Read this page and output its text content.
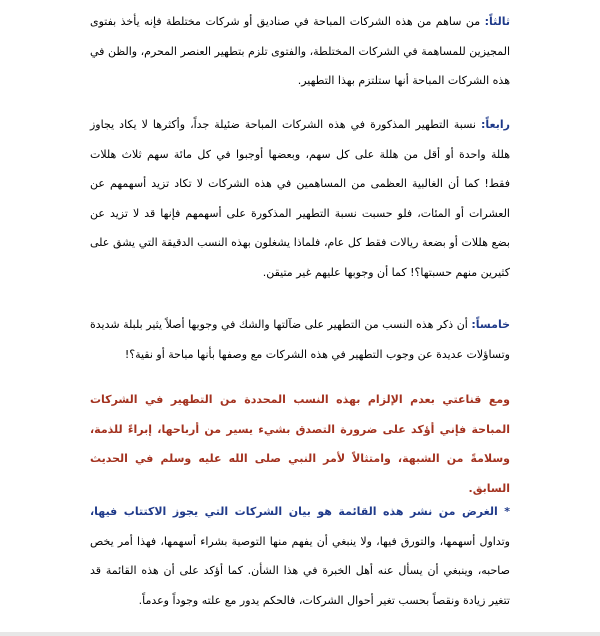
ثالثاً: من ساهم من هذه الشركات المباحة في صناديق أو شركات مختلطة فإنه يأخذ بفتوى المجيزين للمساهمة في الشركات المختلطة، والفتوى تلزم بتطهير العنصر المحرم، والظن في هذه الشركات المباحة أنها ستلتزم بهذا التطهير.

رابعاً: نسبة التطهير المذكورة في هذه الشركات المباحة ضئيلة جداً، وأكثرها لا يكاد يجاوز هللة واحدة أو أقل من هللة على كل سهم، وبعضها أوجبوا في كل مائة سهم ثلاث هللات فقط! كما أن الغالبية العظمى من المساهمين في هذه الشركات لا تكاد تزيد أسهمهم عن العشرات أو المئات، فلو حسبت نسبة التطهير المذكورة على أسهمهم فإنها قد لا تزيد عن بضع هللات أو بضعة ريالات فقط كل عام، فلماذا يشغلون بهذه النسب الدقيقة التي يشق على كثيرين منهم حسبتها؟! كما أن وجوبها عليهم غير متيقن.

خامساً: أن ذكر هذه النسب من التطهير على ضآلتها والشك في وجوبها أصلاً يثير بلبلة شديدة وتساؤلات عديدة عن وجوب التطهير في هذه الشركات مع وصفها بأنها مباحة أو نقية؟!

ومع قناعتي بعدم الإلزام بهذه النسب المحددة من التطهير في الشركات المباحة فإني أؤكد على ضرورة التصدق بشيء يسير من أرباحها، إبراءً للذمة، وسلامةً من الشبهة، وامتثالاً لأمر النبي صلى الله عليه وسلم في الحديث السابق.

* الغرض من نشر هذه القائمة هو بيان الشركات التي يجوز الاكتتاب فيها، وتداول أسهمها، والتورق فيها، ولا ينبغي أن يفهم منها التوصية بشراء أسهمها، فهذا أمر يخص صاحبه، وينبغي أن يسأل عنه أهل الخبرة في هذا الشأن. كما أؤكد على أن هذه القائمة قد تتغير زيادة ونقصاً بحسب تغير أحوال الشركات، فالحكم يدور مع علته وجوداً وعدماً.
